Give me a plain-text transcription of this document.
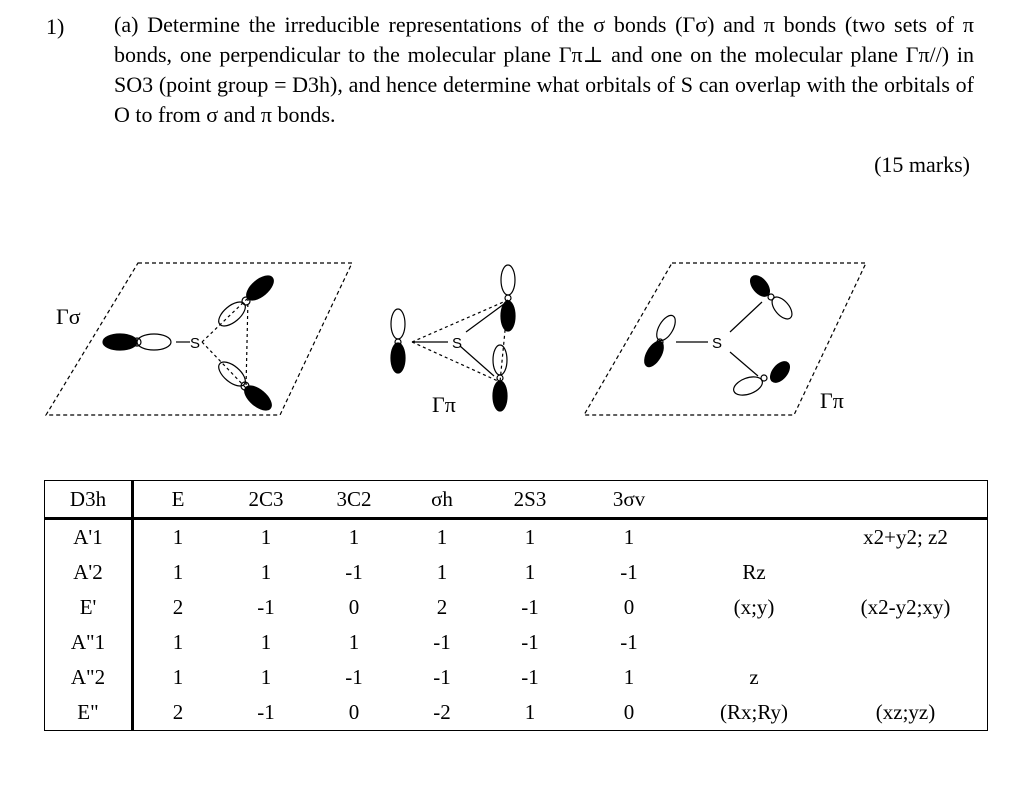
1) (a) Determine the irreducible representations of the σ bonds (Γσ) and π bonds (two sets of π bonds, one perpendicular to the molecular plane Γπ⊥ and one on the molecular plane Γπ//) in SO3 (point group = D3h), and hence determine what orbitals of S can overlap with the orbitals of O to from σ and π bonds.
(15 marks)
Γσ
S	S
Γπ
S
Γπ
D3h	E	2C3	3C2	σh	2S3	3σv		
A'1	1	1	1	1	1	1		x2+y2; z2
A'2	1	1	-1	1	1	-1	Rz	
E'	2	-1	0	2	-1	0	(x;y)	(x2-y2;xy)
A"1	1	1	1	-1	-1	-1		
A"2	1	1	-1	-1	-1	1	z	
E"	2	-1	0	-2	1	0	(Rx;Ry)	(xz;yz)
